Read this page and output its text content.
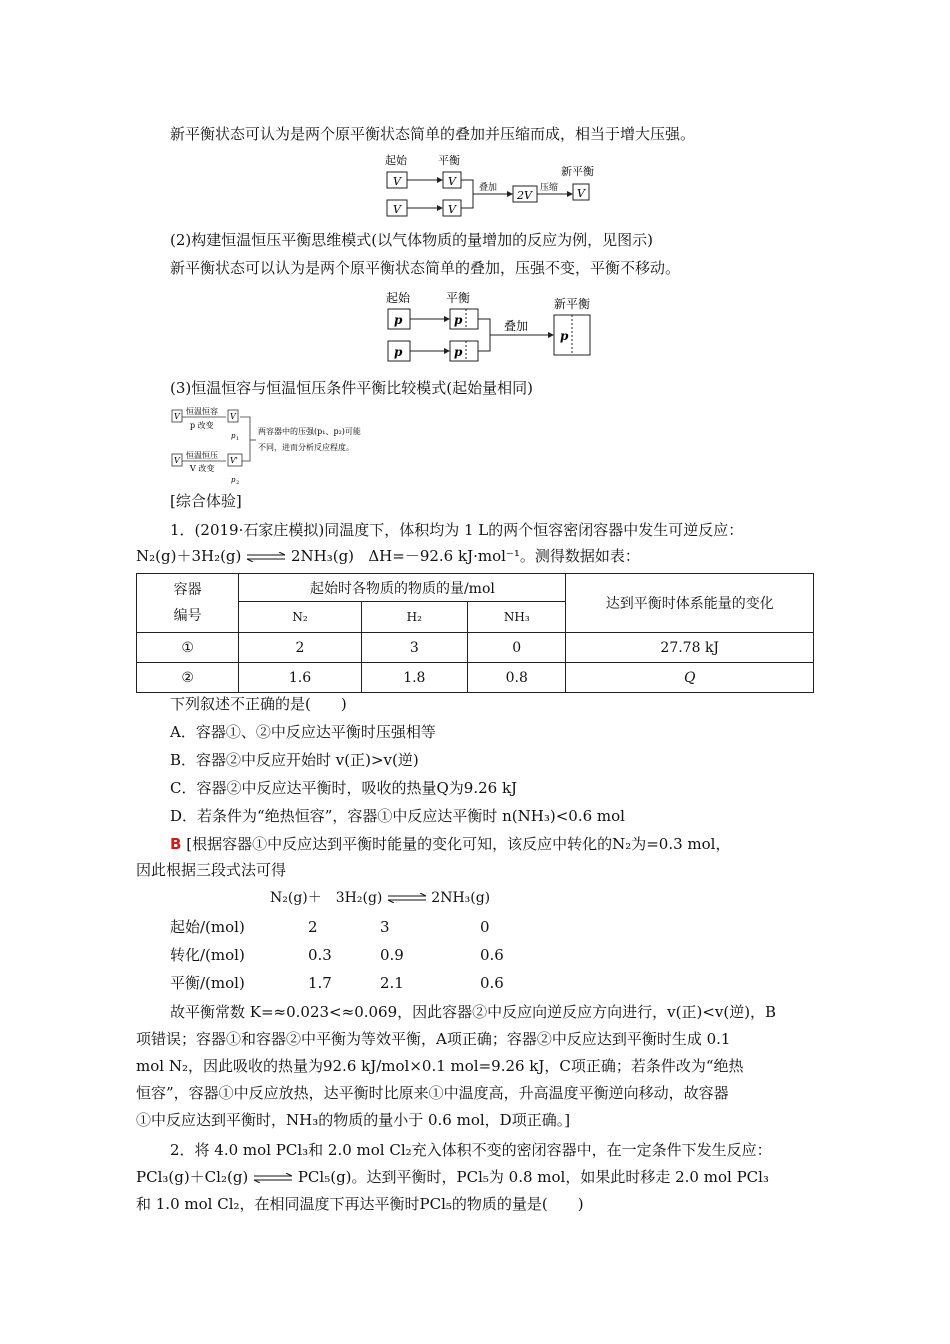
新平衡状态可认为是两个原平衡状态简单的叠加并压缩而成，相当于增大压强。
起始	平衡
新平衡
V
V
V
V
叠加
2V
压缩 V
(2)构建恒温恒压平衡思维模式(以气体物质的量增加的反应为例，见图示)
新平衡状态可以认为是两个原平衡状态简单的叠加，压强不变，平衡不移动。
起始	平衡	新平衡
p
p
p
p
叠加
p
(3)恒温恒容与恒温恒压条件平衡比较模式(起始量相同)
V
恒温恒容
p 改变
V
p 1
V
恒温恒压
V 改变
V'
p 2
两容器中的压强(p₁、p₂)可能
不同，进而分析反应程度。
[综合体验]
1．(2019·石家庄模拟)同温度下，体积均为 1 L的两个恒容密闭容器中发生可逆反应：
N₂(g)＋3H₂(g) ⇌ 2NH₃(g) ΔH=－92.6 kJ·mol⁻¹。测得数据如表：
容器
编号	起始时各物质的物质的量/mol			达到平衡时体系能量的变化
	N₂	H₂	NH₃	
①	2	3	0	27.78 kJ
②	1.6	1.8	0.8	Q
下列叙述不正确的是(　　)
A．容器①、②中反应达平衡时压强相等
B．容器②中反应开始时 v(正)>v(逆)
C．容器②中反应达平衡时，吸收的热量Q为9.26 kJ
D．若条件为“绝热恒容”，容器①中反应达平衡时 n(NH₃)<0.6 mol
B [根据容器①中反应达到平衡时能量的变化可知，该反应中转化的N₂为=0.3 mol，
因此根据三段式法可得
N₂(g)＋　3H₂(g) ⇌ 2NH₃(g)
起始/(mol)	2	3	0
转化/(mol)	0.3	0.9	0.6
平衡/(mol)	1.7	2.1	0.6
故平衡常数 K=≈0.023<≈0.069，因此容器②中反应向逆反应方向进行，v(正)<v(逆)，B
项错误；容器①和容器②中平衡为等效平衡，A项正确；容器②中反应达到平衡时生成 0.1
mol N₂，因此吸收的热量为92.6 kJ/mol×0.1 mol=9.26 kJ，C项正确；若条件改为“绝热
恒容”，容器①中反应放热，达平衡时比原来①中温度高，升高温度平衡逆向移动，故容器
①中反应达到平衡时，NH₃的物质的量小于 0.6 mol，D项正确。]
2．将 4.0 mol PCl₃和 2.0 mol Cl₂充入体积不变的密闭容器中，在一定条件下发生反应：
PCl₃(g)＋Cl₂(g) ⇌ PCl₅(g)。达到平衡时，PCl₅为 0.8 mol，如果此时移走 2.0 mol PCl₃
和 1.0 mol Cl₂，在相同温度下再达平衡时PCl₅的物质的量是(　　)
